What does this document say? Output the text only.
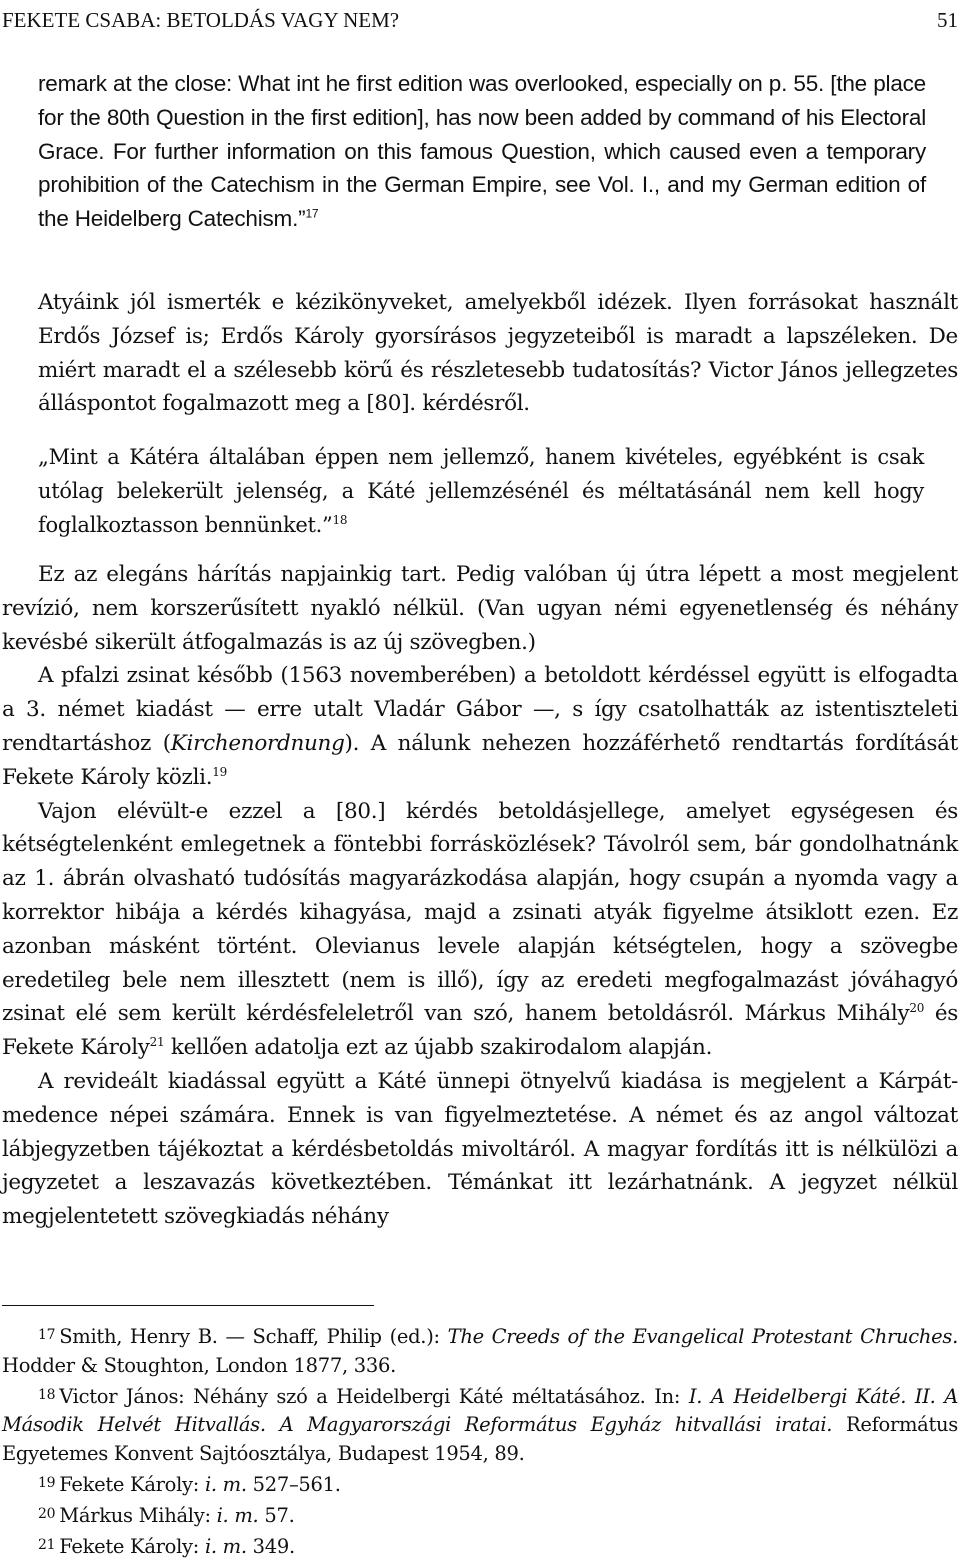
FEKETE CSABA: BETOLDÁS VAGY NEM?	51

remark at the close: What int he first edition was overlooked, especially on p. 55. [the place for the 80th Question in the first edition], has now been added by command of his Electoral Grace. For further information on this famous Question, which caused even a temporary prohibition of the Catechism in the German Empire, see Vol. I., and my German edition of the Heidelberg Catechism.”$^{17}$

Atyáink jól ismerték e kézikönyveket, amelyekből idézek. Ilyen forrásokat használt Erdős József is; Erdős Károly gyorsírásos jegyzeteiből is maradt a lapszéleken. De miért maradt el a szélesebb körű és részletesebb tudatosítás? Victor János jellegzetes álláspontot fogalmazott meg a [80]. kérdésről.

„Mint a Kátéra általában éppen nem jellemző, hanem kivételes, egyébként is csak utólag belekerült jelenség, a Káté jellemzésénél és méltatásánál nem kell hogy foglalkoztasson bennünket.”$^{18}$

Ez az elegáns hárítás napjainkig tart. Pedig valóban új útra lépett a most megjelent revízió, nem korszerűsített nyakló nélkül. (Van ugyan némi egyenetlenség és néhány kevésbé sikerült átfogalmazás is az új szövegben.)

A pfalzi zsinat később (1563 novemberében) a betoldott kérdéssel együtt is elfogadta a 3. német kiadást — erre utalt Vladár Gábor —, s így csatolhatták az istentiszteleti rendtartáshoz (Kirchenordnung). A nálunk nehezen hozzáférhető rendtartás fordítását Fekete Károly közli.$^{19}$

Vajon elévült-e ezzel a [80.] kérdés betoldásjellege, amelyet egységesen és kétségtelenként emlegetnek a föntebbi forrásközlések? Távolról sem, bár gondolhatnánk az 1. ábrán olvasható tudósítás magyarázkodása alapján, hogy csupán a nyomda vagy a korrektor hibája a kérdés kihagyása, majd a zsinati atyák figyelme átsiklott ezen. Ez azonban másként történt. Olevianus levele alapján kétségtelen, hogy a szövegbe eredetileg bele nem illesztett (nem is illő), így az eredeti megfogalmazást jóváhagyó zsinat elé sem került kérdésfeleletről van szó, hanem betoldásról. Márkus Mihály$^{20}$ és Fekete Károly$^{21}$ kellően adatolja ezt az újabb szakirodalom alapján.

A revideált kiadással együtt a Káté ünnepi ötnyelvű kiadása is megjelent a Kárpát-medence népei számára. Ennek is van figyelmeztetése. A német és az angol változat lábjegyzetben tájékoztat a kérdésbetoldás mivoltáról. A magyar fordítás itt is nélkülözi a jegyzetet a leszavazás következtében. Témánkat itt lezárhatnánk. A jegyzet nélkül megjelentetett szövegkiadás néhány

$^{17}$ Smith, Henry B. — Schaff, Philip (ed.): The Creeds of the Evangelical Protestant Chruches. Hodder & Stoughton, London 1877, 336.

$^{18}$ Victor János: Néhány szó a Heidelbergi Káté méltatásához. In: I. A Heidelbergi Káté. II. A Második Helvét Hitvallás. A Magyarországi Református Egyház hitvallási iratai. Református Egyetemes Konvent Sajtóosztálya, Budapest 1954, 89.

$^{19}$ Fekete Károly: i. m. 527–561.

$^{20}$ Márkus Mihály: i. m. 57.

$^{21}$ Fekete Károly: i. m. 349.
